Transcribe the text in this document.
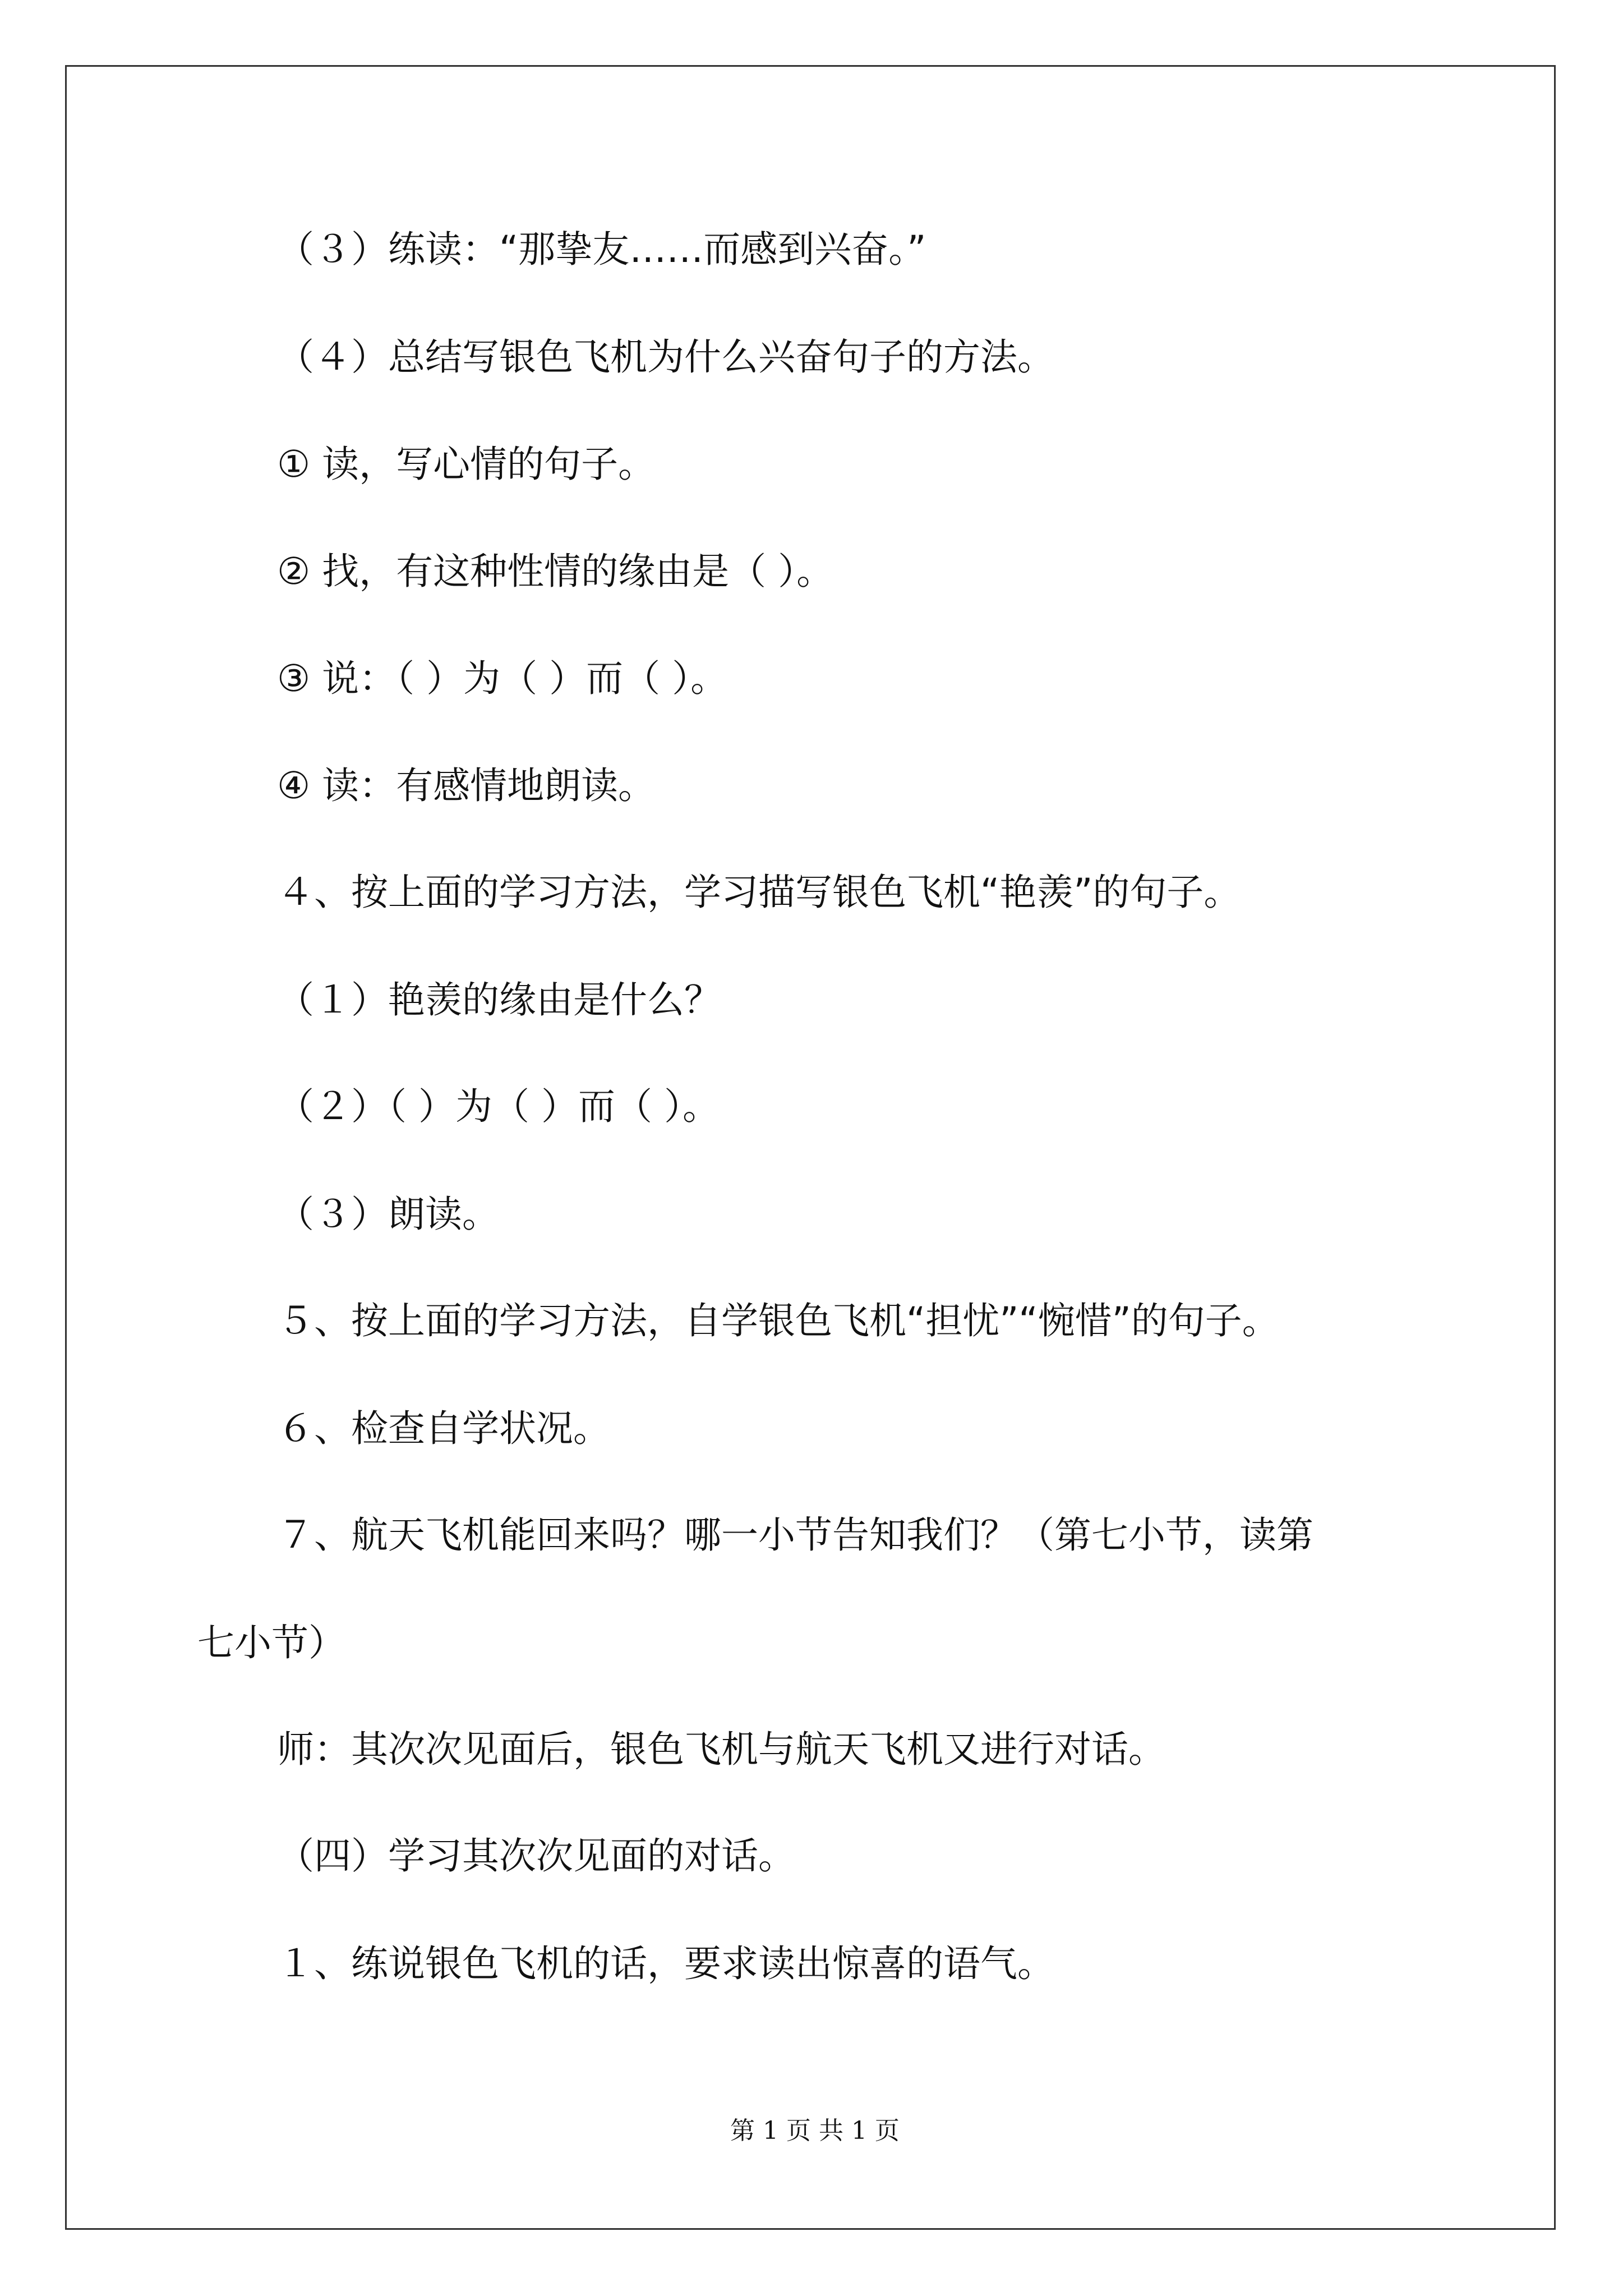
（３）练读：“那挚友……而感到兴奋。”
（４）总结写银色飞机为什么兴奋句子的方法。
① 读，写心情的句子。
② 找，有这种性情的缘由是（ ）。
③ 说：（ ）为（ ）而（ ）。
④ 读：有感情地朗读。
４、按上面的学习方法，学习描写银色飞机“艳羡”的句子。
（１）艳羡的缘由是什么？
（２）（ ）为（ ）而（ ）。
（３）朗读。
５、按上面的学习方法，自学银色飞机“担忧”“惋惜”的句子。
６、检查自学状况。
７、航天飞机能回来吗？哪一小节告知我们？（第七小节，读第
七小节）
师：其次次见面后，银色飞机与航天飞机又进行对话。
（四）学习其次次见面的对话。
１、练说银色飞机的话，要求读出惊喜的语气。
第 1 页 共 1 页
